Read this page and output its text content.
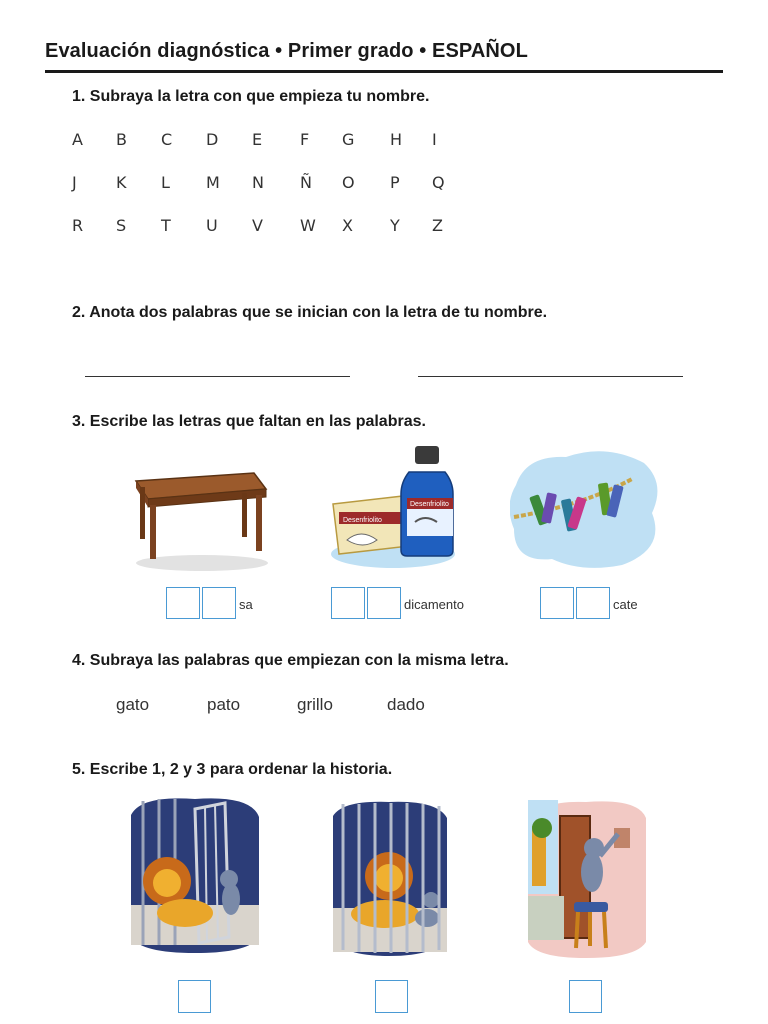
Evaluación diagnóstica • Primer grado • ESPAÑOL
1. Subraya la letra con que empieza tu nombre.
A B C D E F G H I
J K L M N Ñ O P Q
R S T U V W X Y Z
2. Anota dos palabras que se inician con la letra de tu nombre.
3. Escribe las letras que faltan en las palabras.
Desenfriolito
Desenfriolito
sa	dicamento	cate
4. Subraya las palabras que empiezan con la misma letra.
gato	pato	grillo	dado
5. Escribe 1, 2 y 3 para ordenar la historia.
